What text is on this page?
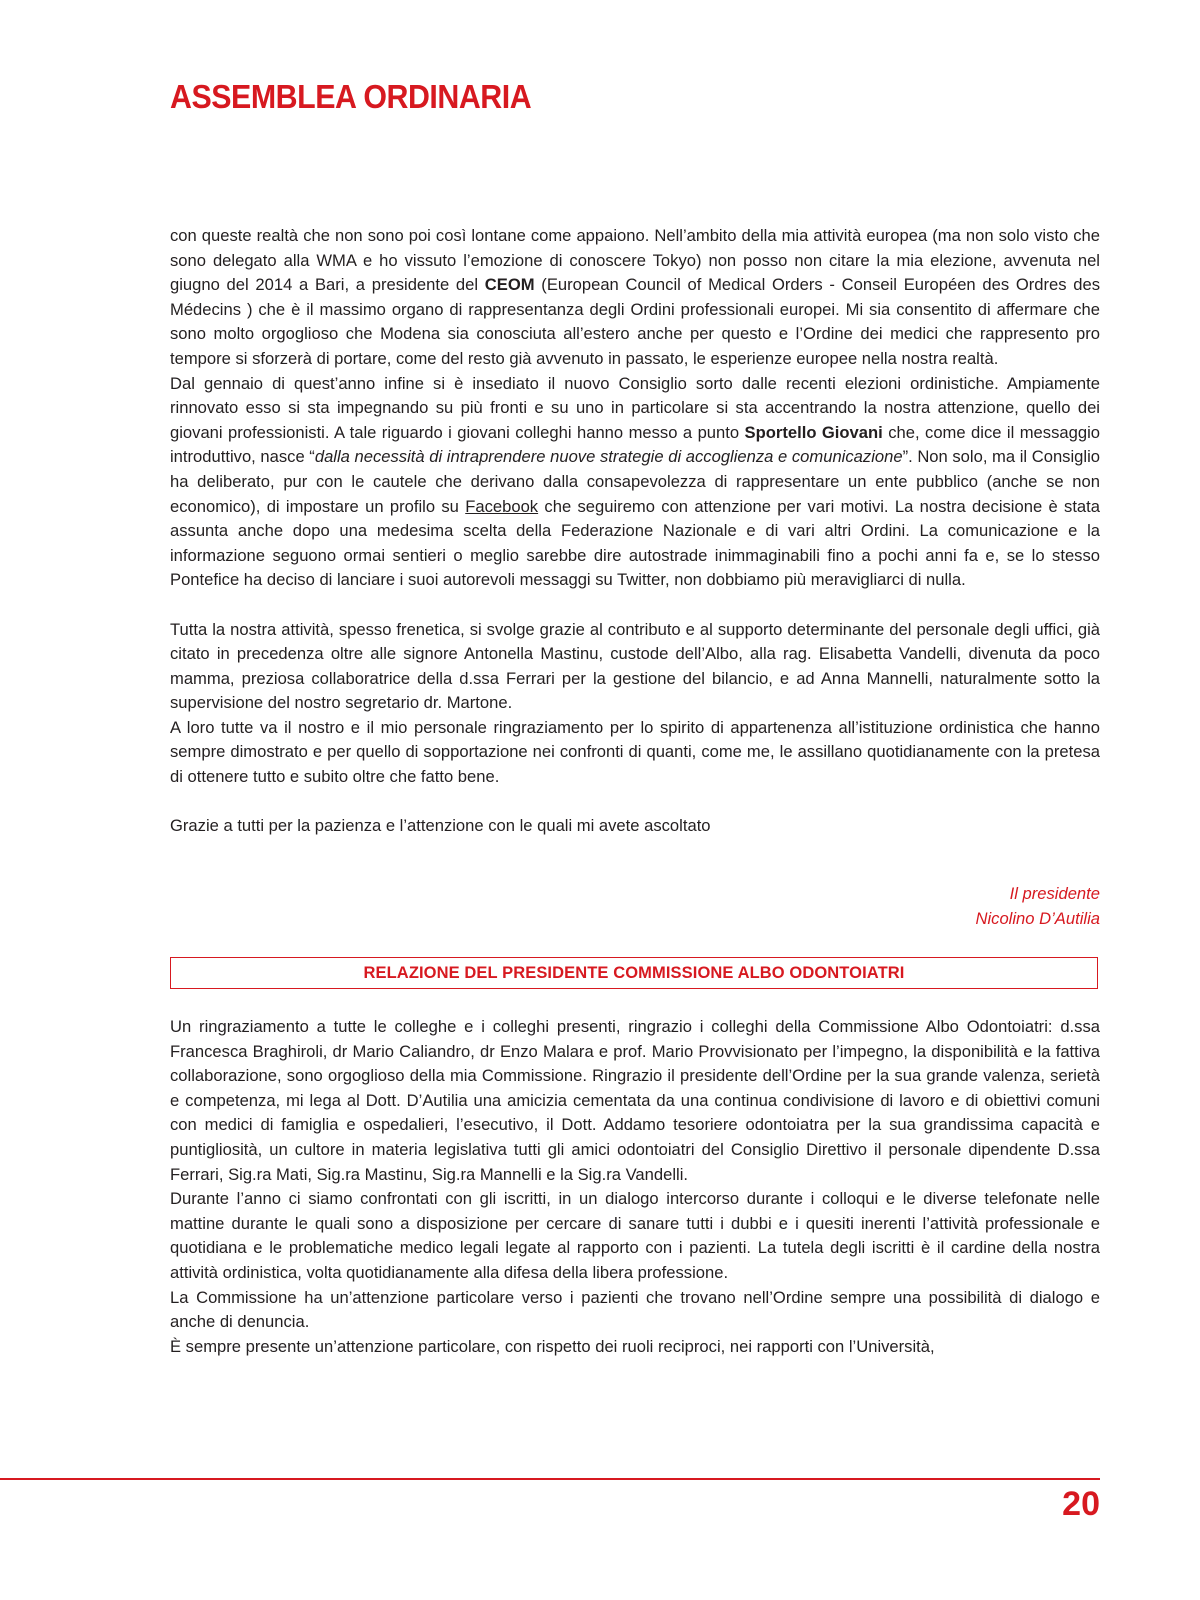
ASSEMBLEA ORDINARIA

con queste realtà che non sono poi così lontane come appaiono. Nell’ambito della mia attività europea (ma non solo visto che sono delegato alla WMA e ho vissuto l’emozione di conoscere Tokyo) non posso non citare la mia elezione, avvenuta nel giugno del 2014 a Bari, a presidente del CEOM (European Council of Medical Orders - Conseil Européen des Ordres des Médecins ) che è il massimo organo di rappresentanza degli Ordini professionali europei. Mi sia consentito di affermare che sono molto orgoglioso che Modena sia conosciuta all’estero anche per questo e l’Ordine dei medici che rappresento pro tempore si sforzerà di portare, come del resto già avvenuto in passato, le esperienze europee nella nostra realtà.

Dal gennaio di quest’anno infine si è insediato il nuovo Consiglio sorto dalle recenti elezioni ordinistiche. Ampiamente rinnovato esso si sta impegnando su più fronti e su uno in particolare si sta accentrando la nostra attenzione, quello dei giovani professionisti. A tale riguardo i giovani colleghi hanno messo a punto Sportello Giovani che, come dice il messaggio introduttivo, nasce “dalla necessità di intraprendere nuove strategie di accoglienza e comunicazione”. Non solo, ma il Consiglio ha deliberato, pur con le cautele che derivano dalla consapevolezza di rappresentare un ente pubblico (anche se non economico), di impostare un profilo su Facebook che seguiremo con attenzione per vari motivi. La nostra decisione è stata assunta anche dopo una medesima scelta della Federazione Nazionale e di vari altri Ordini. La comunicazione e la informazione seguono ormai sentieri o meglio sarebbe dire autostrade inimmaginabili fino a pochi anni fa e, se lo stesso Pontefice ha deciso di lanciare i suoi autorevoli messaggi su Twitter, non dobbiamo più meravigliarci di nulla.

Tutta la nostra attività, spesso frenetica, si svolge grazie al contributo e al supporto determinante del personale degli uffici, già citato in precedenza oltre alle signore Antonella Mastinu, custode dell’Albo, alla rag. Elisabetta Vandelli, divenuta da poco mamma, preziosa collaboratrice della d.ssa Ferrari per la gestione del bilancio, e ad Anna Mannelli, naturalmente sotto la supervisione del nostro segretario dr. Martone.

A loro tutte va il nostro e il mio personale ringraziamento per lo spirito di appartenenza all’istituzione ordinistica che hanno sempre dimostrato e per quello di sopportazione nei confronti di quanti, come me, le assillano quotidianamente con la pretesa di ottenere tutto e subito oltre che fatto bene.

Grazie a tutti per la pazienza e l’attenzione con le quali mi avete ascoltato

Il presidente
Nicolino D’Autilia
RELAZIONE DEL PRESIDENTE COMMISSIONE ALBO ODONTOIATRI

Un ringraziamento a tutte le colleghe e i colleghi presenti, ringrazio i colleghi della Commissione Albo Odontoiatri: d.ssa Francesca Braghiroli, dr Mario Caliandro, dr Enzo Malara e prof. Mario Provvisionato per l’impegno, la disponibilità e la fattiva collaborazione, sono orgoglioso della mia Commissione. Ringrazio il presidente dell’Ordine per la sua grande valenza, serietà e competenza, mi lega al Dott. D’Autilia una amicizia cementata da una continua condivisione di lavoro e di obiettivi comuni con medici di famiglia e ospedalieri, l’esecutivo, il Dott. Addamo tesoriere odontoiatra per la sua grandissima capacità e puntigliosità, un cultore in materia legislativa tutti gli amici odontoiatri del Consiglio Direttivo il personale dipendente D.ssa Ferrari, Sig.ra Mati, Sig.ra Mastinu, Sig.ra Mannelli e la Sig.ra Vandelli.

Durante l’anno ci siamo confrontati con gli iscritti, in un dialogo intercorso durante i colloqui e le diverse telefonate nelle mattine durante le quali sono a disposizione per cercare di sanare tutti i dubbi e i quesiti inerenti l’attività professionale e quotidiana e le problematiche medico legali legate al rapporto con i pazienti. La tutela degli iscritti è il cardine della nostra attività ordinistica, volta quotidianamente alla difesa della libera professione.

La Commissione ha un’attenzione particolare verso i pazienti che trovano nell’Ordine sempre una possibilità di dialogo e anche di denuncia.

È sempre presente un’attenzione particolare, con rispetto dei ruoli reciproci, nei rapporti con l’Università,

20
